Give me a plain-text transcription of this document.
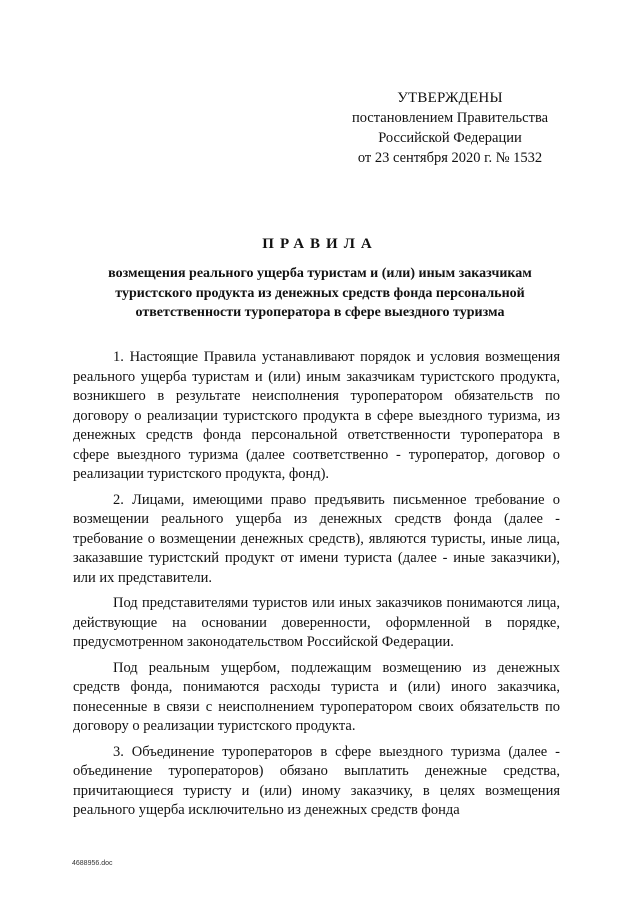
УТВЕРЖДЕНЫ
постановлением Правительства
Российской Федерации
от 23 сентября 2020 г. № 1532
ПРАВИЛА
возмещения реального ущерба туристам и (или) иным заказчикам туристского продукта из денежных средств фонда персональной ответственности туроператора в сфере выездного туризма

1. Настоящие Правила устанавливают порядок и условия возмещения реального ущерба туристам и (или) иным заказчикам туристского продукта, возникшего в результате неисполнения туроператором обязательств по договору о реализации туристского продукта в сфере выездного туризма, из денежных средств фонда персональной ответственности туроператора в сфере выездного туризма (далее соответственно - туроператор, договор о реализации туристского продукта, фонд).

2. Лицами, имеющими право предъявить письменное требование о возмещении реального ущерба из денежных средств фонда (далее - требование о возмещении денежных средств), являются туристы, иные лица, заказавшие туристский продукт от имени туриста (далее - иные заказчики), или их представители.

Под представителями туристов или иных заказчиков понимаются лица, действующие на основании доверенности, оформленной в порядке, предусмотренном законодательством Российской Федерации.

Под реальным ущербом, подлежащим возмещению из денежных средств фонда, понимаются расходы туриста и (или) иного заказчика, понесенные в связи с неисполнением туроператором своих обязательств по договору о реализации туристского продукта.

3. Объединение туроператоров в сфере выездного туризма (далее - объединение туроператоров) обязано выплатить денежные средства, причитающиеся туристу и (или) иному заказчику, в целях возмещения реального ущерба исключительно из денежных средств фонда

4688956.doc
